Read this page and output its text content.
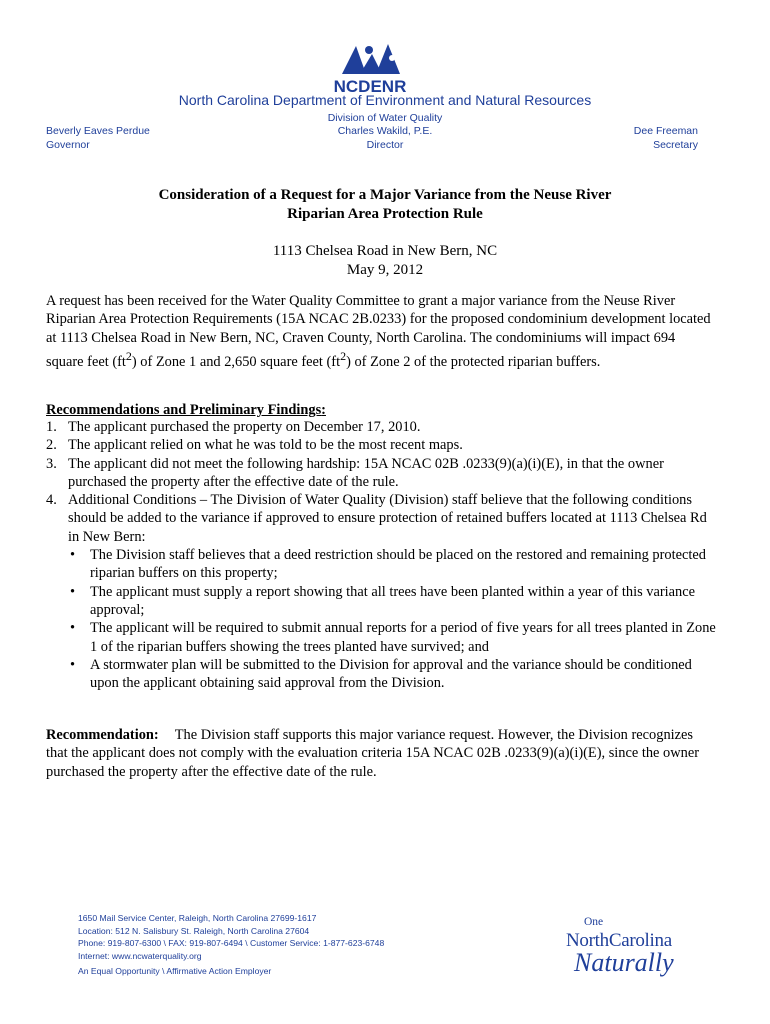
NCDENR
North Carolina Department of Environment and Natural Resources
Division of Water Quality
Beverly Eaves Perdue
Governor
Charles Wakild, P.E.
Director
Dee Freeman
Secretary
Consideration of a Request for a Major Variance from the Neuse River
Riparian Area Protection Rule
1113 Chelsea Road in New Bern, NC
May 9, 2012
A request has been received for the Water Quality Committee to grant a major variance from the Neuse River Riparian Area Protection Requirements (15A NCAC 2B.0233) for the proposed condominium development located at 1113 Chelsea Road in New Bern, NC, Craven County, North Carolina. The condominiums will impact 694 square feet $(ft^2)$ of Zone 1 and 2,650 square feet $(ft^2)$ of Zone 2 of the protected riparian buffers.
Recommendations and Preliminary Findings:
1. The applicant purchased the property on December 17, 2010.
2. The applicant relied on what he was told to be the most recent maps.
3. The applicant did not meet the following hardship: 15A NCAC 02B .0233(9)(a)(i)(E), in that the owner purchased the property after the effective date of the rule.
4. Additional Conditions – The Division of Water Quality (Division) staff believe that the following conditions should be added to the variance if approved to ensure protection of retained buffers located at 1113 Chelsea Rd in New Bern:
• The Division staff believes that a deed restriction should be placed on the restored and remaining protected riparian buffers on this property;
• The applicant must supply a report showing that all trees have been planted within a year of this variance approval;
• The applicant will be required to submit annual reports for a period of five years for all trees planted in Zone 1 of the riparian buffers showing the trees planted have survived; and
• A stormwater plan will be submitted to the Division for approval and the variance should be conditioned upon the applicant obtaining said approval from the Division.
Recommendation: The Division staff supports this major variance request. However, the Division recognizes that the applicant does not comply with the evaluation criteria 15A NCAC 02B .0233(9)(a)(i)(E), since the owner purchased the property after the effective date of the rule.
1650 Mail Service Center, Raleigh, North Carolina 27699-1617
Location: 512 N. Salisbury St. Raleigh, North Carolina 27604
Phone: 919-807-6300 \ FAX: 919-807-6494 \ Customer Service: 1-877-623-6748
Internet: www.ncwaterquality.org
An Equal Opportunity \ Affirmative Action Employer
One
NorthCarolina
Naturally
